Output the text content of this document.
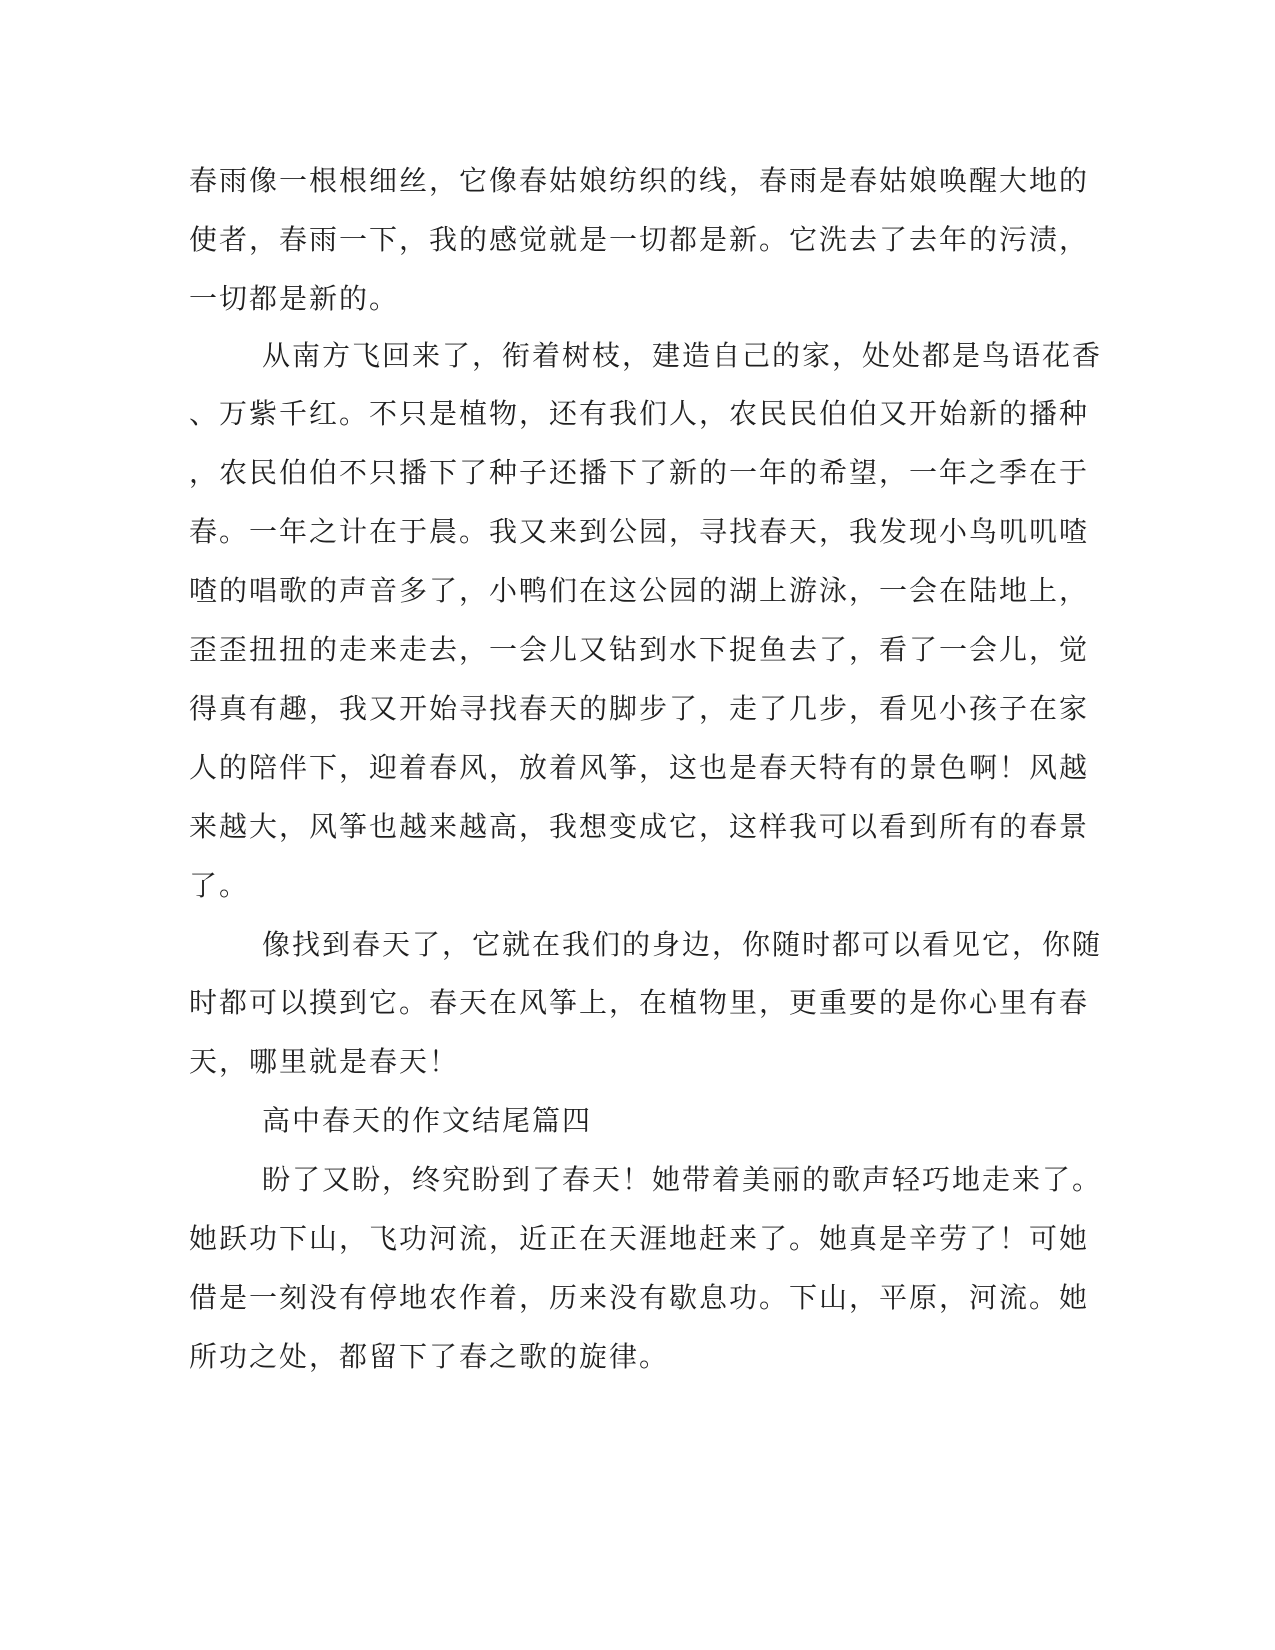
春雨像一根根细丝，它像春姑娘纺织的线，春雨是春姑娘唤醒大地的
使者，春雨一下，我的感觉就是一切都是新。它洗去了去年的污渍，
一切都是新的。
从南方飞回来了，衔着树枝，建造自己的家，处处都是鸟语花香
、万紫千红。不只是植物，还有我们人，农民民伯伯又开始新的播种
，农民伯伯不只播下了种子还播下了新的一年的希望，一年之季在于
春。一年之计在于晨。我又来到公园，寻找春天，我发现小鸟叽叽喳
喳的唱歌的声音多了，小鸭们在这公园的湖上游泳，一会在陆地上，
歪歪扭扭的走来走去，一会儿又钻到水下捉鱼去了，看了一会儿，觉
得真有趣，我又开始寻找春天的脚步了，走了几步，看见小孩子在家
人的陪伴下，迎着春风，放着风筝，这也是春天特有的景色啊！风越
来越大，风筝也越来越高，我想变成它，这样我可以看到所有的春景
了。
像找到春天了，它就在我们的身边，你随时都可以看见它，你随
时都可以摸到它。春天在风筝上，在植物里，更重要的是你心里有春
天，哪里就是春天！
高中春天的作文结尾篇四
盼了又盼，终究盼到了春天！她带着美丽的歌声轻巧地走来了。
她跃功下山，飞功河流，近正在天涯地赶来了。她真是辛劳了！可她
借是一刻没有停地农作着，历来没有歇息功。下山，平原，河流。她
所功之处，都留下了春之歌的旋律。
